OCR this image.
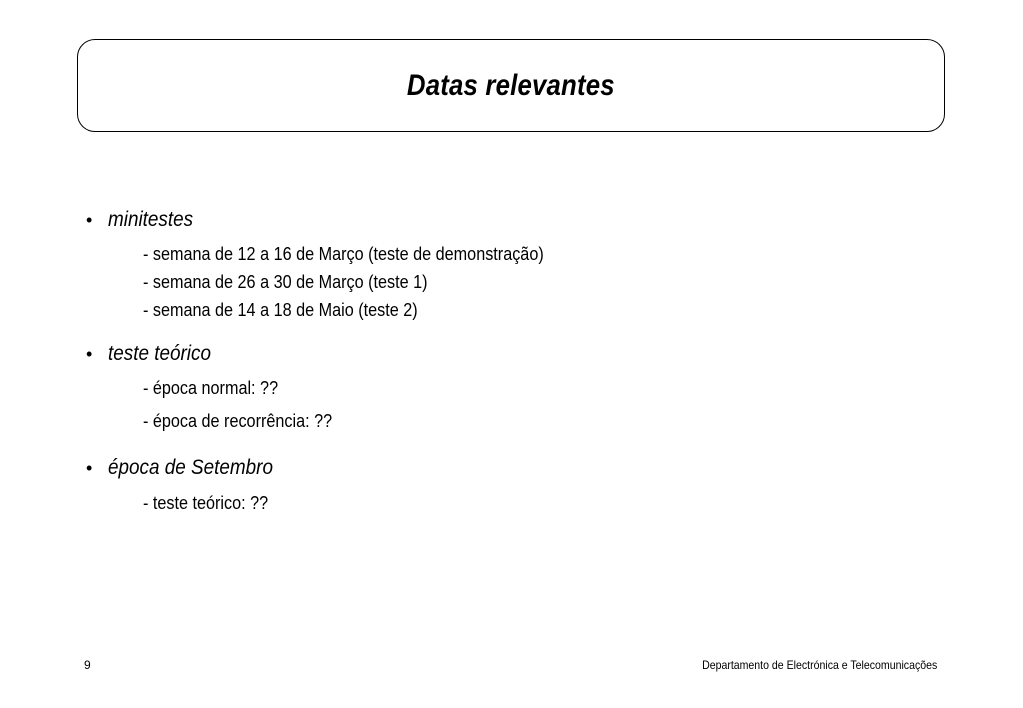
Datas relevantes
• minitestes
- semana de 12 a 16 de Março (teste de demonstração)
- semana de 26 a 30 de Março (teste 1)
- semana de 14 a 18 de Maio (teste 2)
• teste teórico
- época normal: ??
- época de recorrência: ??
• época de Setembro
- teste teórico: ??
9	Departamento de Electrónica e Telecomunicações
